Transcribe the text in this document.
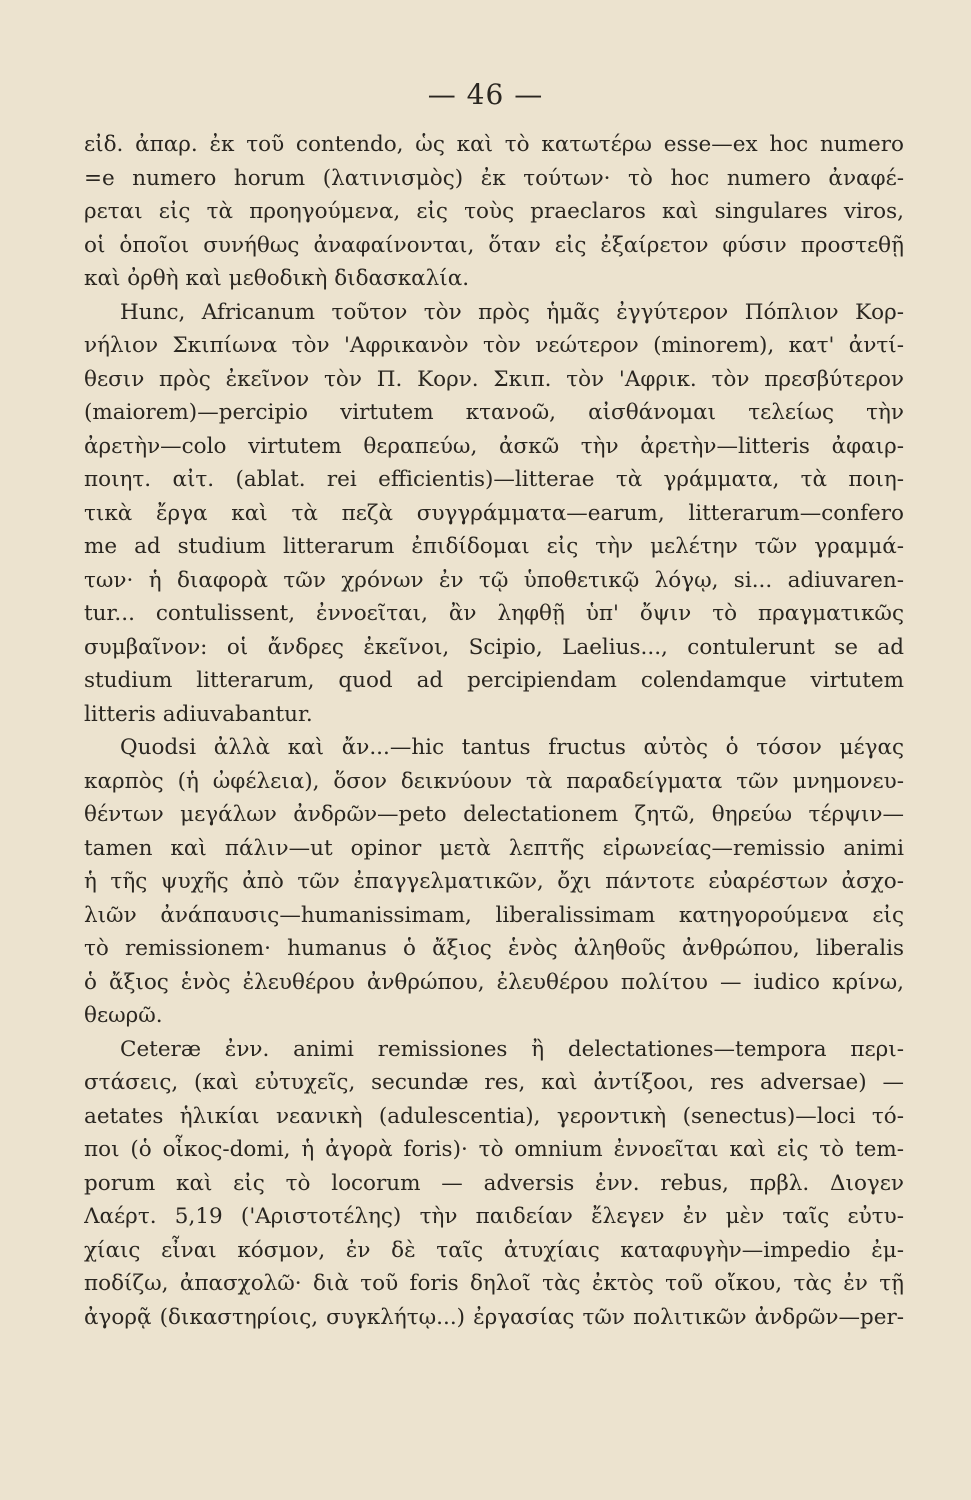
— 46 —
εἰδ. ἀπαρ. ἐκ τοῦ contendo, ὡς καὶ τὸ κατωτέρω esse—ex hoc numero
=e numero horum (λατινισμὸς) ἐκ τούτων· τὸ hoc numero ἀναφέ-
ρεται εἰς τὰ προηγούμενα, εἰς τοὺς praeclaros καὶ singulares viros,
οἱ ὁποῖοι συνήθως ἀναφαίνονται, ὅταν εἰς ἐξαίρετον φύσιν προστεθῇ
καὶ ὀρθὴ καὶ μεθοδικὴ διδασκαλία.
Hunc, Africanum τοῦτον τὸν πρὸς ἡμᾶς ἐγγύτερον Πόπλιον Κορ-
νήλιον Σκιπίωνα τὸν 'Αφρικανὸν τὸν νεώτερον (minorem), κατ' ἀντί-
θεσιν πρὸς ἐκεῖνον τὸν Π. Κορν. Σκιπ. τὸν 'Αφρικ. τὸν πρεσβύτερον
(maiorem)—percipio virtutem κτανοῶ, αἰσθάνομαι τελείως τὴν
ἀρετὴν—colo virtutem θεραπεύω, ἀσκῶ τὴν ἀρετὴν—litteris ἀφαιρ-
ποιητ. αἰτ. (ablat. rei efficientis)—litterae τὰ γράμματα, τὰ ποιη-
τικὰ ἔργα καὶ τὰ πεζὰ συγγράμματα—earum, litterarum—confero
me ad studium litterarum ἐπιδίδομαι εἰς τὴν μελέτην τῶν γραμμά-
των· ἡ διαφορὰ τῶν χρόνων ἐν τῷ ὑποθετικῷ λόγῳ, si... adiuvaren-
tur... contulissent, ἐννοεῖται, ἂν ληφθῇ ὑπ' ὄψιν τὸ πραγματικῶς
συμβαῖνον: οἱ ἄνδρες ἐκεῖνοι, Scipio, Laelius..., contulerunt se ad
studium litterarum, quod ad percipiendam colendamque virtutem
litteris adiuvabantur.
Quodsi ἀλλὰ καὶ ἄν...—hic tantus fructus αὐτὸς ὁ τόσον μέγας
καρπὸς (ἡ ὠφέλεια), ὅσον δεικνύουν τὰ παραδείγματα τῶν μνημονευ-
θέντων μεγάλων ἀνδρῶν—peto delectationem ζητῶ, θηρεύω τέρψιν—
tamen καὶ πάλιν—ut opinor μετὰ λεπτῆς εἰρωνείας—remissio animi
ἡ τῆς ψυχῆς ἀπὸ τῶν ἐπαγγελματικῶν, ὄχι πάντοτε εὐαρέστων ἀσχο-
λιῶν ἀνάπαυσις—humanissimam, liberalissimam κατηγορούμενα εἰς
τὸ remissionem· humanus ὁ ἄξιος ἑνὸς ἀληθοῦς ἀνθρώπου, liberalis
ὁ ἄξιος ἑνὸς ἐλευθέρου ἀνθρώπου, ἐλευθέρου πολίτου — iudico κρίνω,
θεωρῶ.
Ceteræ ἐνν. animi remissiones ἢ delectationes—tempora περι-
στάσεις, (καὶ εὐτυχεῖς, secundæ res, καὶ ἀντίξοοι, res adversae) —
aetates ἡλικίαι νεανικὴ (adulescentia), γεροντικὴ (senectus)—loci τό-
ποι (ὁ οἶκος-domi, ἡ ἀγορὰ foris)· τὸ omnium ἐννοεῖται καὶ εἰς τὸ tem-
porum καὶ εἰς τὸ locorum — adversis ἐνν. rebus, πρβλ. Διογεν
Λαέρτ. 5,19 ('Αριστοτέλης) τὴν παιδείαν ἔλεγεν ἐν μὲν ταῖς εὐτυ-
χίαις εἶναι κόσμον, ἐν δὲ ταῖς ἀτυχίαις καταφυγὴν—impedio ἐμ-
ποδίζω, ἀπασχολῶ· διὰ τοῦ foris δηλοῖ τὰς ἐκτὸς τοῦ οἴκου, τὰς ἐν τῇ
ἀγορᾷ (δικαστηρίοις, συγκλήτῳ...) ἐργασίας τῶν πολιτικῶν ἀνδρῶν—per-
